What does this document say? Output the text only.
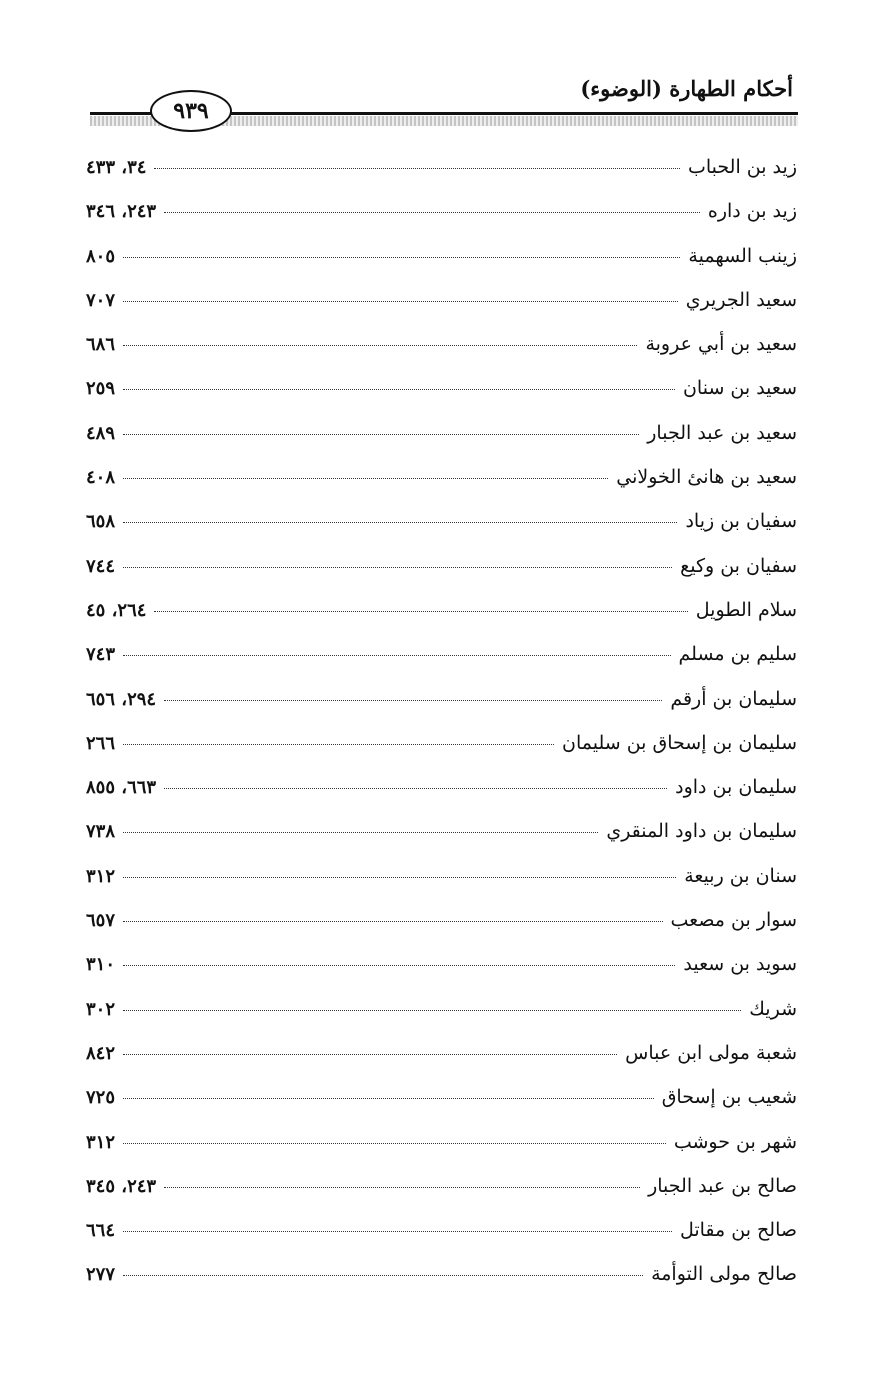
أحكام الطهارة (الوضوء)
٩٣٩
زيد بن الحباب
٣٤، ٤٣٣
زيد بن داره
٢٤٣، ٣٤٦
زينب السهمية
٨٠٥
سعيد الجريري
٧٠٧
سعيد بن أبي عروبة
٦٨٦
سعيد بن سنان
٢٥٩
سعيد بن عبد الجبار
٤٨٩
سعيد بن هانئ الخولاني
٤٠٨
سفيان بن زياد
٦٥٨
سفيان بن وكيع
٧٤٤
سلام الطويل
٢٦٤، ٤٥
سليم بن مسلم
٧٤٣
سليمان بن أرقم
٢٩٤، ٦٥٦
سليمان بن إسحاق بن سليمان
٢٦٦
سليمان بن داود
٦٦٣، ٨٥٥
سليمان بن داود المنقري
٧٣٨
سنان بن ربيعة
٣١٢
سوار بن مصعب
٦٥٧
سويد بن سعيد
٣١٠
شريك
٣٠٢
شعبة مولى ابن عباس
٨٤٢
شعيب بن إسحاق
٧٢٥
شهر بن حوشب
٣١٢
صالح بن عبد الجبار
٢٤٣، ٣٤٥
صالح بن مقاتل
٦٦٤
صالح مولى التوأمة
٢٧٧
